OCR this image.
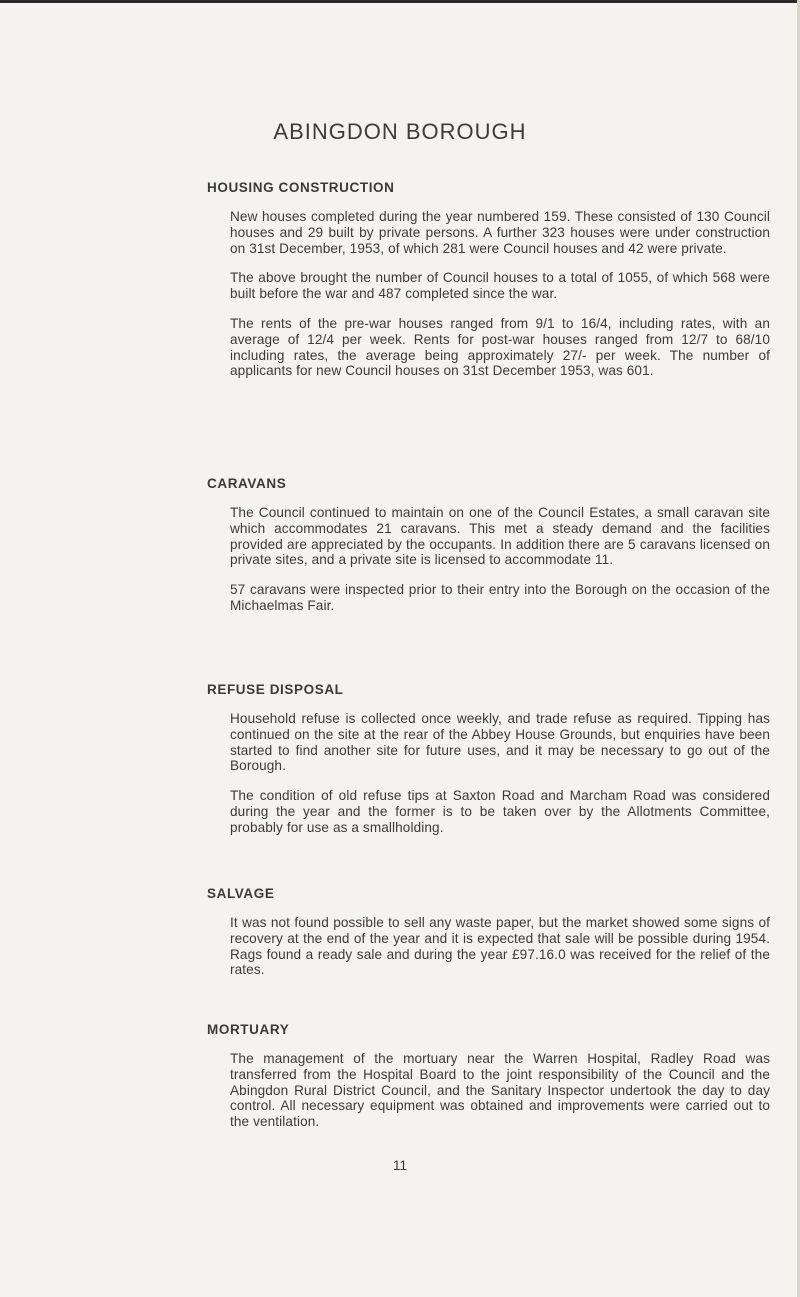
ABINGDON BOROUGH
HOUSING CONSTRUCTION

New houses completed during the year numbered 159. These consisted of 130 Council houses and 29 built by private persons. A further 323 houses were under construction on 31st December, 1953, of which 281 were Council houses and 42 were private.

The above brought the number of Council houses to a total of 1055, of which 568 were built before the war and 487 completed since the war.

The rents of the pre-war houses ranged from 9/1 to 16/4, including rates, with an average of 12/4 per week. Rents for post-war houses ranged from 12/7 to 68/10 including rates, the average being approximately 27/- per week. The number of applicants for new Council houses on 31st December 1953, was 601.

CARAVANS

The Council continued to maintain on one of the Council Estates, a small caravan site which accommodates 21 caravans. This met a steady demand and the facilities provided are appreciated by the occupants. In addition there are 5 caravans licensed on private sites, and a private site is licensed to accommodate 11.

57 caravans were inspected prior to their entry into the Borough on the occasion of the Michaelmas Fair.

REFUSE DISPOSAL

Household refuse is collected once weekly, and trade refuse as required. Tipping has continued on the site at the rear of the Abbey House Grounds, but enquiries have been started to find another site for future uses, and it may be necessary to go out of the Borough.

The condition of old refuse tips at Saxton Road and Marcham Road was considered during the year and the former is to be taken over by the Allotments Committee, probably for use as a smallholding.

SALVAGE

It was not found possible to sell any waste paper, but the market showed some signs of recovery at the end of the year and it is expected that sale will be possible during 1954. Rags found a ready sale and during the year £97.16.0 was received for the relief of the rates.

MORTUARY

The management of the mortuary near the Warren Hospital, Radley Road was transferred from the Hospital Board to the joint responsibility of the Council and the Abingdon Rural District Council, and the Sanitary Inspector undertook the day to day control. All necessary equipment was obtained and improvements were carried out to the ventilation.

11
